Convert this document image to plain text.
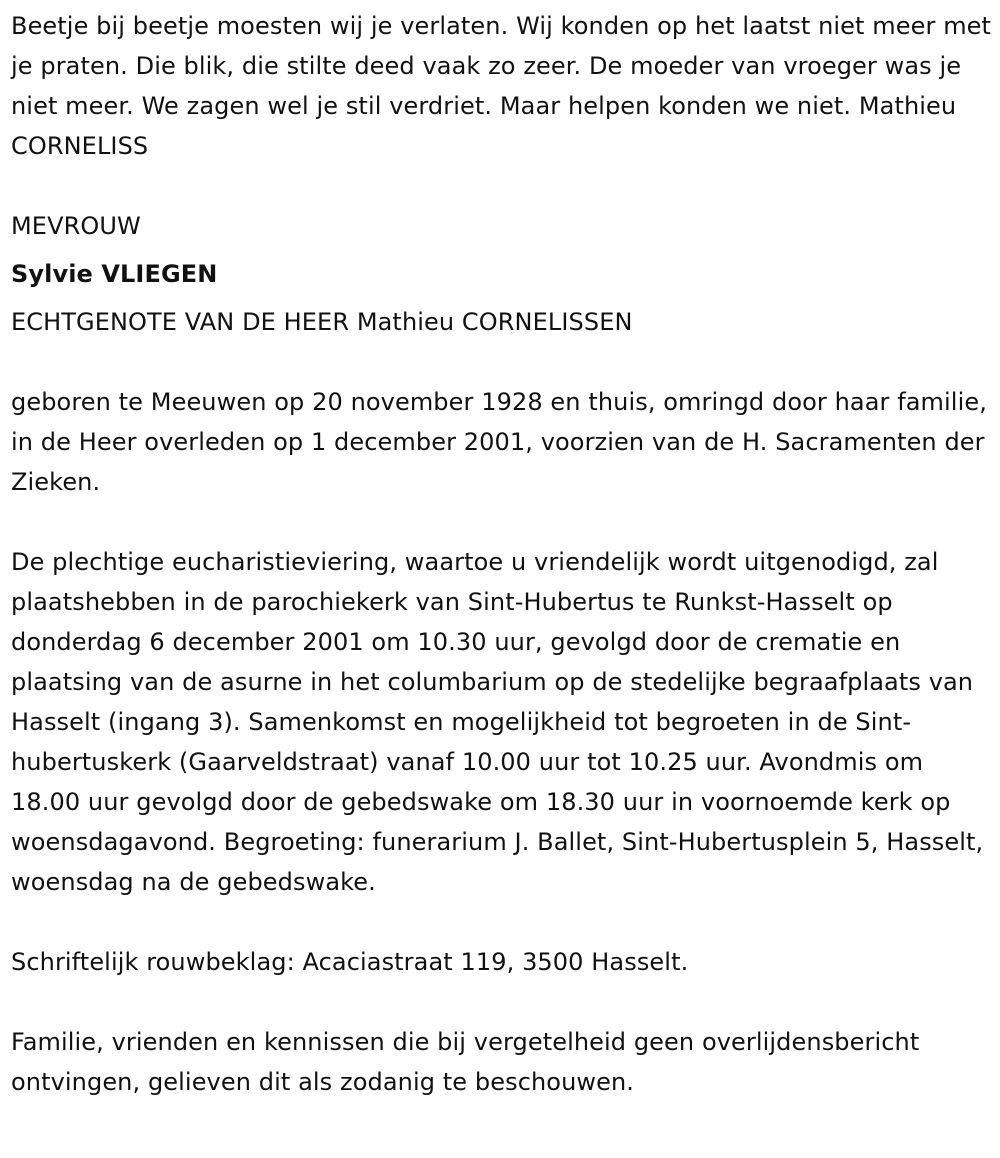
Beetje bij beetje moesten wij je verlaten. Wij konden op het laatst niet meer met je praten. Die blik, die stilte deed vaak zo zeer. De moeder van vroeger was je niet meer. We zagen wel je stil verdriet. Maar helpen konden we niet. Mathieu CORNELISS

MEVROUW

Sylvie VLIEGEN

ECHTGENOTE VAN DE HEER Mathieu CORNELISSEN

geboren te Meeuwen op 20 november 1928 en thuis, omringd door haar familie, in de Heer overleden op 1 december 2001, voorzien van de H. Sacramenten der Zieken.

De plechtige eucharistieviering, waartoe u vriendelijk wordt uitgenodigd, zal plaatshebben in de parochiekerk van Sint-Hubertus te Runkst-Hasselt op donderdag 6 december 2001 om 10.30 uur, gevolgd door de crematie en plaatsing van de asurne in het columbarium op de stedelijke begraafplaats van Hasselt (ingang 3). Samenkomst en mogelijkheid tot begroeten in de Sint-hubertuskerk (Gaarveldstraat) vanaf 10.00 uur tot 10.25 uur. Avondmis om 18.00 uur gevolgd door de gebedswake om 18.30 uur in voornoemde kerk op woensdagavond. Begroeting: funerarium J. Ballet, Sint-Hubertusplein 5, Hasselt, woensdag na de gebedswake.

Schriftelijk rouwbeklag: Acaciastraat 119, 3500 Hasselt.

Familie, vrienden en kennissen die bij vergetelheid geen overlijdensbericht ontvingen, gelieven dit als zodanig te beschouwen.
